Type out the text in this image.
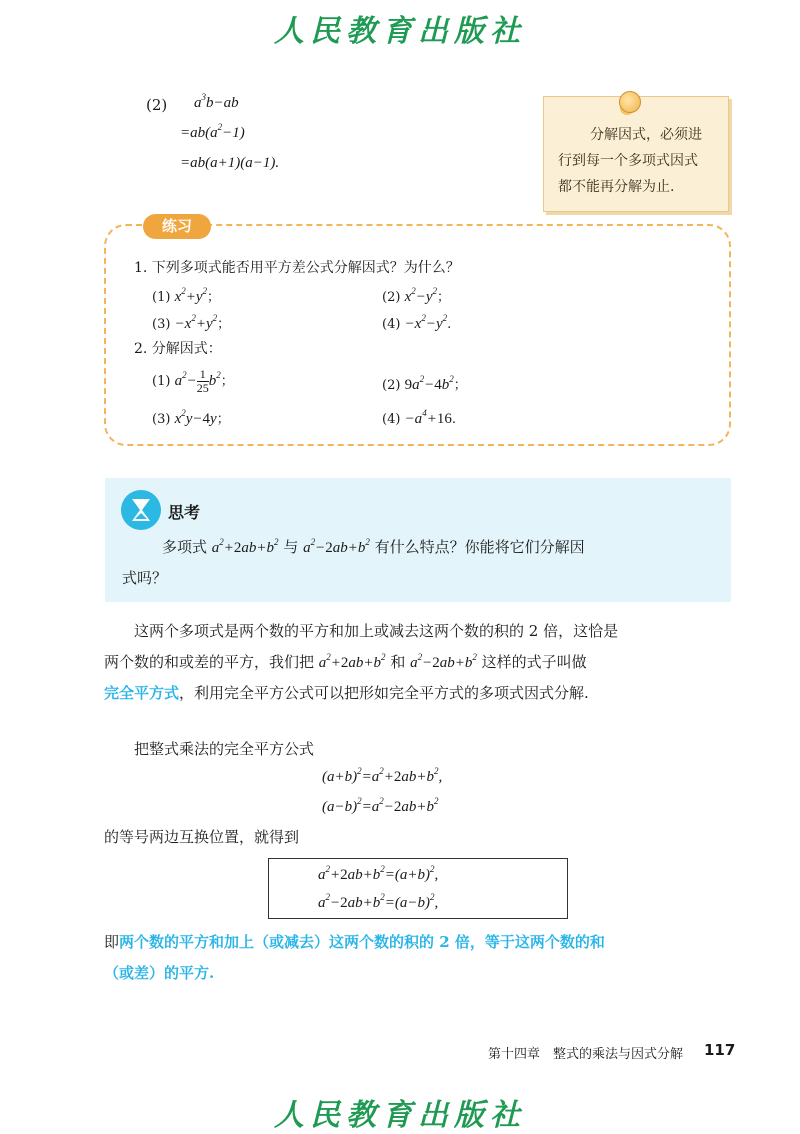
人民教育出版社
(2) $a^3b-ab$
$=ab(a^2-1)$
=ab(a+1)(a−1).
分解因式，必须进
行到每一个多项式因式
都不能再分解为止.
练习
1. 下列多项式能否用平方差公式分解因式？为什么？
(1) $x^2+y^2$；	(2) $x^2-y^2$；
$(3) -x^2+y^2$；	$(4) -x^2-y^2$.
2. 分解因式：
(1) $a^2- \frac{1}{25} b^2$；	(2) $9a^2-4b^2$；
(3) $x^2y-4y$；	$(4) -a^4+16$.
思考
多项式 $a^2+2ab+b^2$ 与 $a^2-2ab+b^2$ 有什么特点？你能将它们分解因
式吗？
这两个多项式是两个数的平方和加上或减去这两个数的积的 2 倍，这恰是
两个数的和或差的平方，我们把 $a^2+2ab+b^2$ 和 $a^2-2ab+b^2$ 这样的式子叫做
完全平方式，利用完全平方公式可以把形如完全平方式的多项式因式分解.
把整式乘法的完全平方公式
$(a+b)^2=a^2+2ab+b^2$,
$(a-b)^2=a^2-2ab+b^2$
的等号两边互换位置，就得到
$a^2+2ab+b^2=(a+b)^2$,
$a^2-2ab+b^2=(a-b)^2$,
即两个数的平方和加上（或减去）这两个数的积的 2 倍，等于这两个数的和
（或差）的平方.
第十四章　整式的乘法与因式分解 117
人民教育出版社
